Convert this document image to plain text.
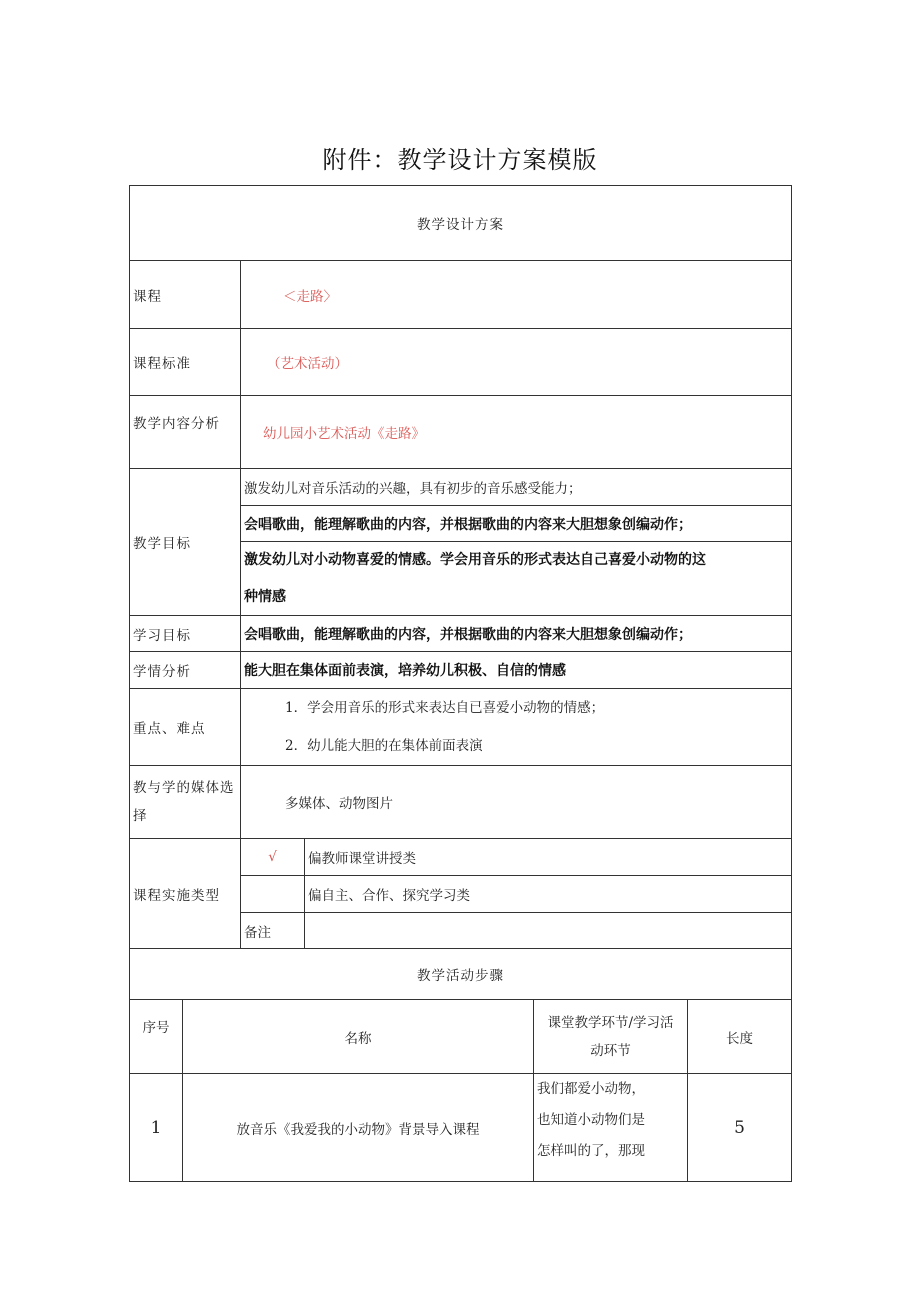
附件：教学设计方案模版
教学设计方案					
课程		＜走路〉			
课程标准		（艺术活动）			
教学内容分析		幼儿园小艺术活动《走路》			
教学目标		激发幼儿对音乐活动的兴趣，具有初步的音乐感受能力；			
		会唱歌曲，能理解歌曲的内容，并根据歌曲的内容来大胆想象创编动作；			

		激发幼儿对小动物喜爱的情感。学会用音乐的形式表达自己喜爱小动物的这
种情感			

学习目标		会唱歌曲，能理解歌曲的内容，并根据歌曲的内容来大胆想象创编动作；			
学情分析		能大胆在集体面前表演，培养幼儿积极、自信的情感			
重点、难点		1．学会用音乐的形式来表达自已喜爱小动物的情感；
2．幼儿能大胆的在集体前面表演			

教与学的媒体选
择		多媒体、动物图片			
课程实施类型		√	偏教师课堂讲授类		
			偏自主、合作、探究学习类		
		备注			
教学活动步骤					
序号	名称			课堂教学环节/学习活
动环节	长度
1	放音乐《我爱我的小动物》背景导入课程			我们都爱小动物，
也知道小动物们是
怎样叫的了，那现	5
